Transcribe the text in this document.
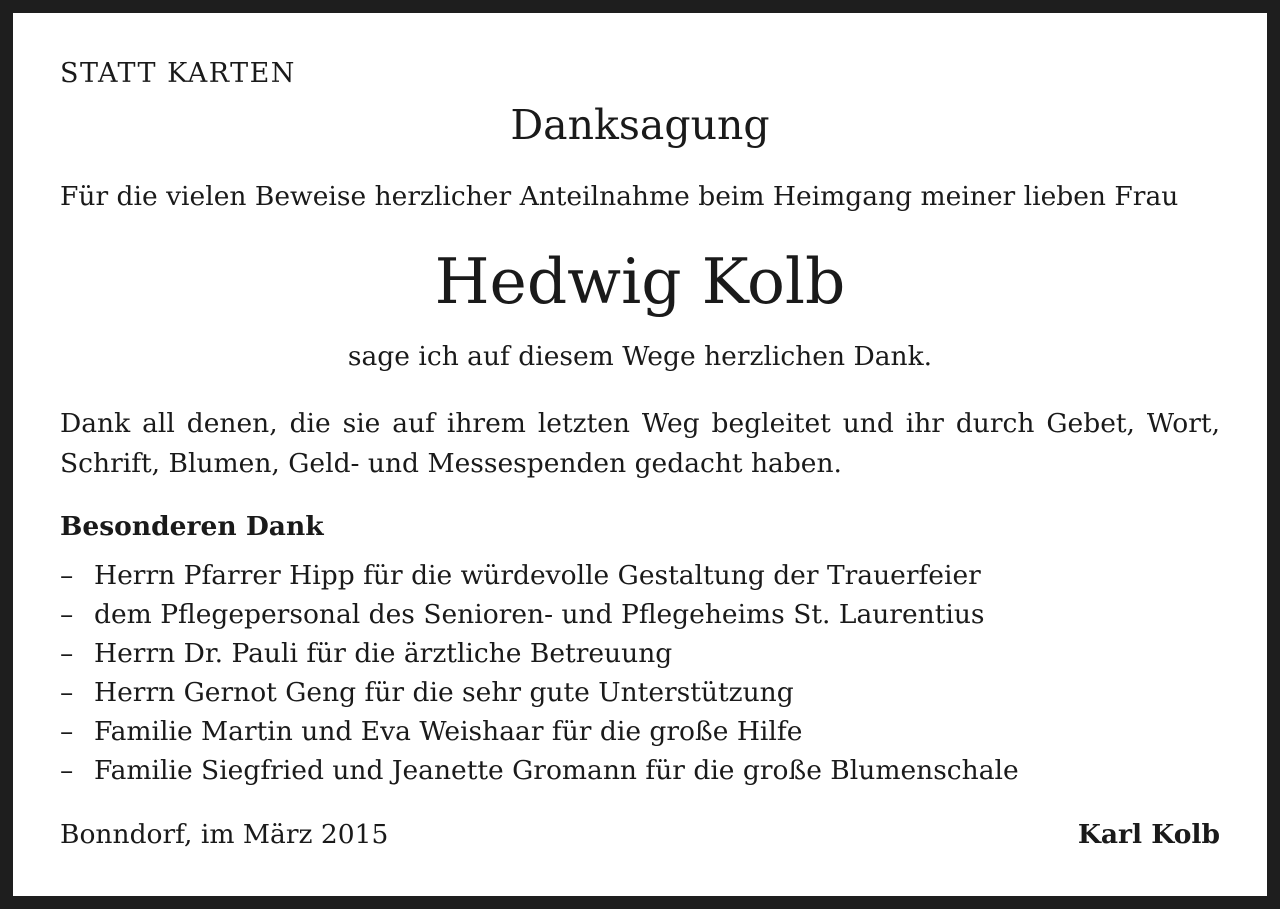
STATT KARTEN
Danksagung
Für die vielen Beweise herzlicher Anteilnahme beim Heimgang meiner lieben Frau
Hedwig Kolb
sage ich auf diesem Wege herzlichen Dank.
Dank all denen, die sie auf ihrem letzten Weg begleitet und ihr durch Gebet, Wort, Schrift, Blumen, Geld- und Messespenden gedacht haben.
Besonderen Dank
– Herrn Pfarrer Hipp für die würdevolle Gestaltung der Trauerfeier
– dem Pflegepersonal des Senioren- und Pflegeheims St. Laurentius
– Herrn Dr. Pauli für die ärztliche Betreuung
– Herrn Gernot Geng für die sehr gute Unterstützung
– Familie Martin und Eva Weishaar für die große Hilfe
– Familie Siegfried und Jeanette Gromann für die große Blumenschale
Bonndorf, im März 2015	Karl Kolb
